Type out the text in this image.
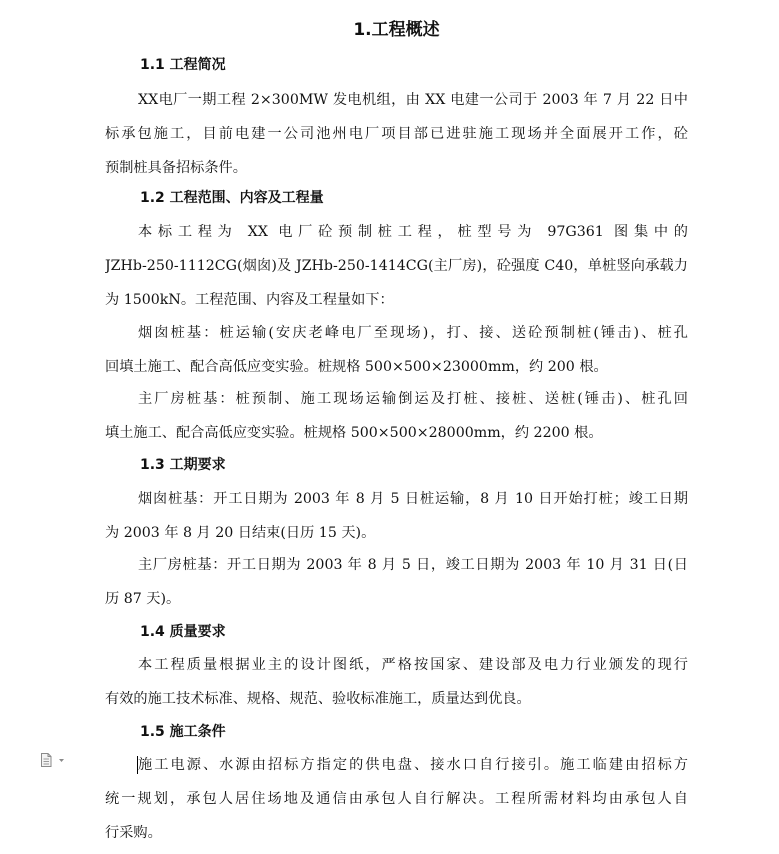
1.工程概述
1.1 工程简况
XX电厂一期工程 2×300MW 发电机组，由 XX 电建一公司于 2003 年 7 月 22 日中
标承包施工，目前电建一公司池州电厂项目部已进驻施工现场并全面展开工作，砼
预制桩具备招标条件。
1.2 工程范围、内容及工程量
本标工程为 XX 电厂砼预制桩工程，桩型号为 97G361 图集中的
JZHb-250-1112CG(烟囱)及 JZHb-250-1414CG(主厂房)，砼强度 C40，单桩竖向承载力
为 1500kN。工程范围、内容及工程量如下：
烟囱桩基：桩运输(安庆老峰电厂至现场)，打、接、送砼预制桩(锤击)、桩孔
回填土施工、配合高低应变实验。桩规格 500×500×23000mm，约 200 根。
主厂房桩基：桩预制、施工现场运输倒运及打桩、接桩、送桩(锤击)、桩孔回
填土施工、配合高低应变实验。桩规格 500×500×28000mm，约 2200 根。
1.3 工期要求
烟囱桩基：开工日期为 2003 年 8 月 5 日桩运输，8 月 10 日开始打桩；竣工日期
为 2003 年 8 月 20 日结束(日历 15 天)。
主厂房桩基：开工日期为 2003 年 8 月 5 日，竣工日期为 2003 年 10 月 31 日(日
历 87 天)。
1.4 质量要求
本工程质量根据业主的设计图纸，严格按国家、建设部及电力行业颁发的现行
有效的施工技术标准、规格、规范、验收标准施工，质量达到优良。
1.5 施工条件
施工电源、水源由招标方指定的供电盘、接水口自行接引。施工临建由招标方
统一规划，承包人居住场地及通信由承包人自行解决。工程所需材料均由承包人自
行采购。
